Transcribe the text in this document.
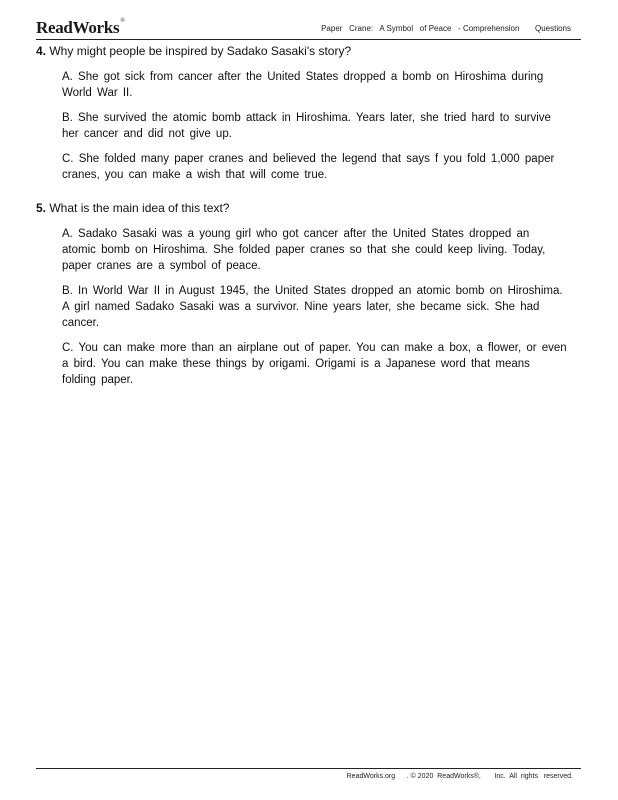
ReadWorks®
Paper   Crane:   A Symbol   of Peace   - Comprehension       Questions
4. Why might people be inspired by Sadako Sasaki's story?
A. She got sick from cancer after the United States dropped a bomb on Hiroshima during World War II.
B. She survived the atomic bomb attack in Hiroshima. Years later, she tried hard to survive her cancer and did not give up.
C. She folded many paper cranes and believed the legend that says f you fold 1,000 paper cranes, you can make a wish that will come true.
5. What is the main idea of this text?
A. Sadako Sasaki was a young girl who got cancer after the United States dropped an atomic bomb on Hiroshima. She folded paper cranes so that she could keep living. Today, paper cranes are a symbol of peace.
B. In World War II in August 1945, the United States dropped an atomic bomb on Hiroshima. A girl named Sadako Sasaki was a survivor. Nine years later, she became sick. She had cancer.
C. You can make more than an airplane out of paper. You can make a box, a flower, or even a bird. You can make these things by origami. Origami is a Japanese word that means folding paper.
ReadWorks.org      . © 2020  ReadWorks®,       Inc.  All  rights   reserved.
